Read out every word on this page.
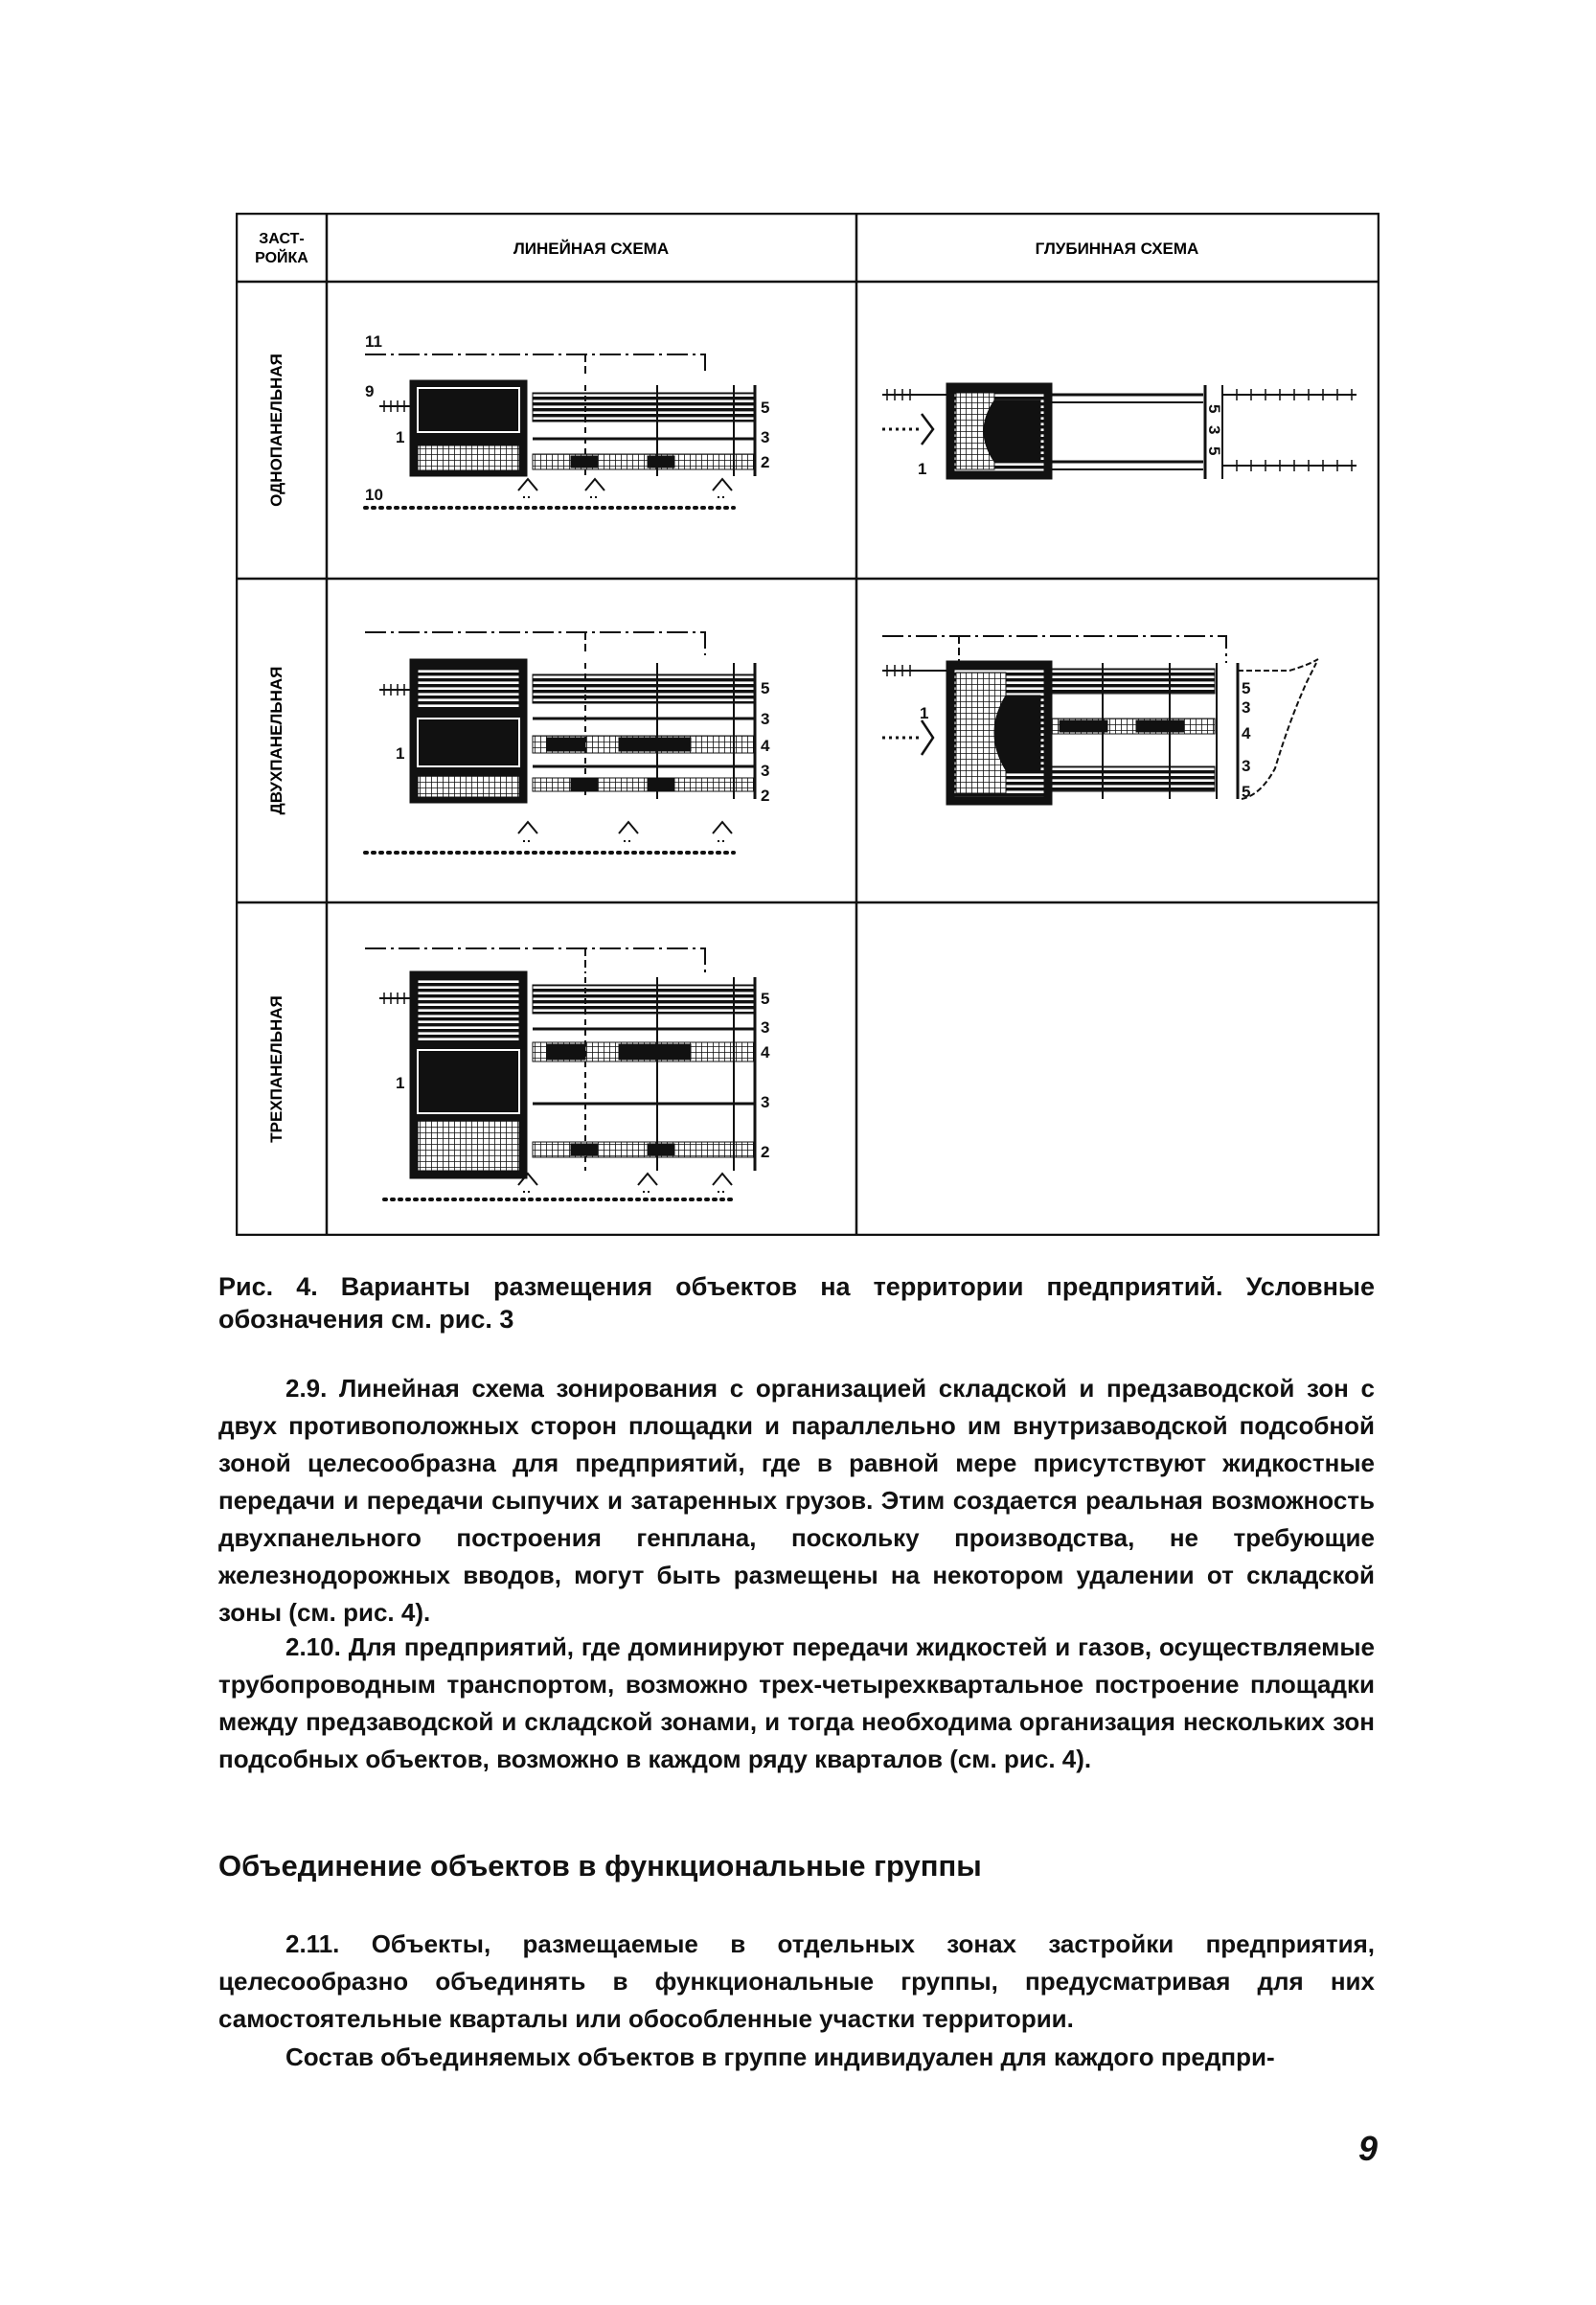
ЗАСТ-
РОЙКА
ЛИНЕЙНАЯ СХЕМА	ГЛУБИННАЯ СХЕМА
ОДНОПАНЕЛЬНАЯ
ДВУХПАНЕЛЬНАЯ
ТРЕХПАНЕЛЬНАЯ
11
9
1
10
5
3
2	1
5
3
5
1
5
3
4
3
2
1
5
3
4
3
5
1
5
3
4
3
2
Рис. 4. Варианты размещения объектов на территории предприятий. Условные обозначения см. рис. 3
2.9. Линейная схема зонирования с организацией складской и предзаводской зон с двух противоположных сторон площадки и параллельно им внутризаводской подсобной зоной целесообразна для предприятий, где в равной мере присутствуют жидкостные передачи и передачи сыпучих и затаренных грузов. Этим создается реальная возможность двухпанельного построения генплана, поскольку производства, не требующие железнодорожных вводов, могут быть размещены на некотором удалении от складской зоны (см. рис. 4).
2.10. Для предприятий, где доминируют передачи жидкостей и газов, осуществляемые трубопроводным транспортом, возможно трех-четырехквартальное построение площадки между предзаводской и складской зонами, и тогда необходима организация нескольких зон подсобных объектов, возможно в каждом ряду кварталов (см. рис. 4).
Объединение объектов в функциональные группы
2.11. Объекты, размещаемые в отдельных зонах застройки предприятия, целесообразно объединять в функциональные группы, предусматривая для них самостоятельные кварталы или обособленные участки территории.
Состав объединяемых объектов в группе индивидуален для каждого предпри-
9
